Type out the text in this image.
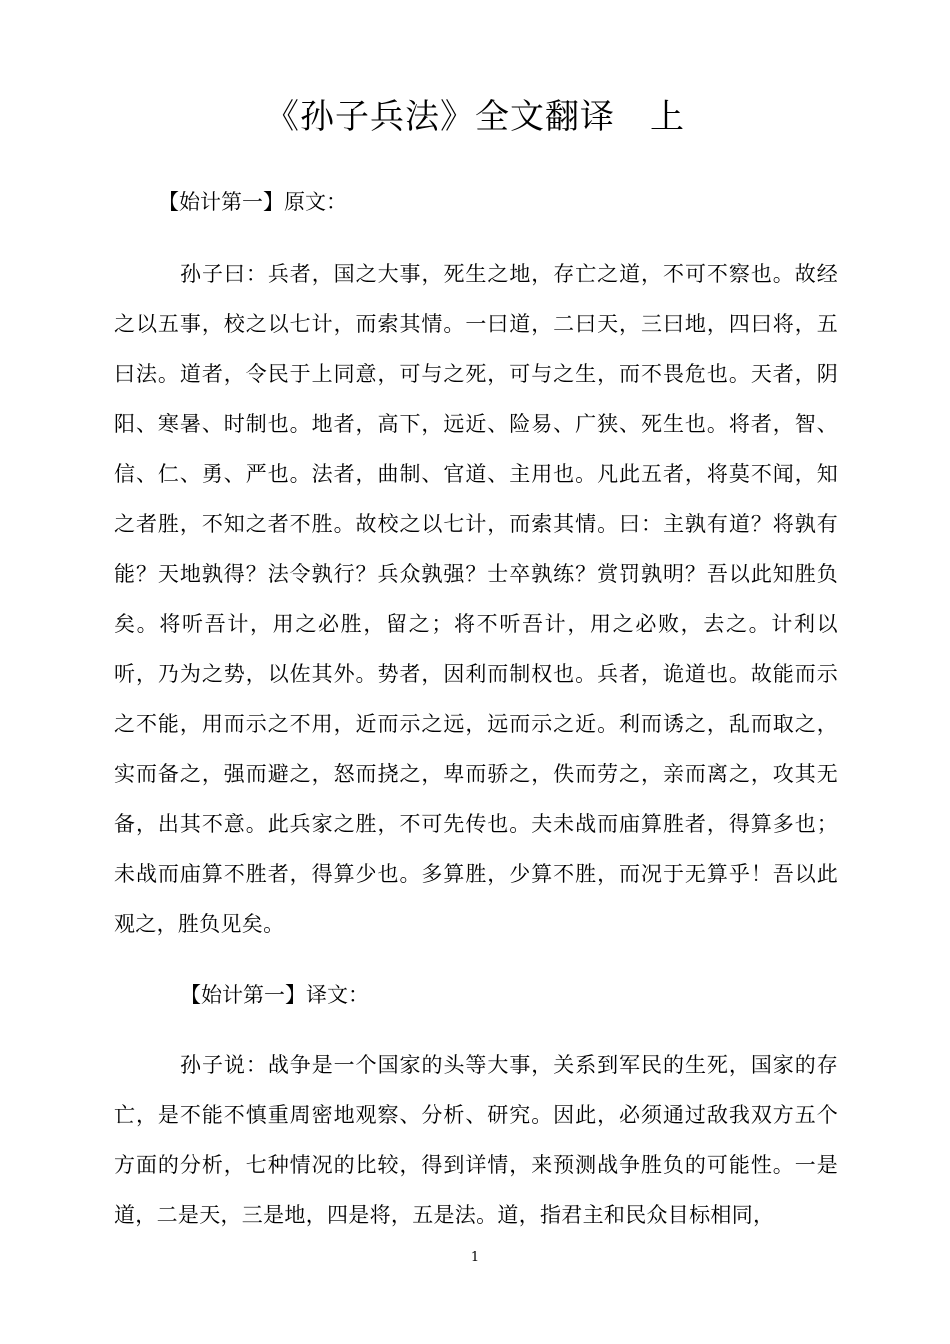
《孙子兵法》全文翻译　上
【始计第一】原文：

孙子曰：兵者，国之大事，死生之地，存亡之道，不可不察也。故经之以五事，校之以七计，而索其情。一曰道，二曰天，三曰地，四曰将，五曰法。道者，令民于上同意，可与之死，可与之生，而不畏危也。天者，阴阳、寒暑、时制也。地者，高下，远近、险易、广狭、死生也。将者，智、信、仁、勇、严也。法者，曲制、官道、主用也。凡此五者，将莫不闻，知之者胜，不知之者不胜。故校之以七计，而索其情。曰：主孰有道？将孰有能？天地孰得？法令孰行？兵众孰强？士卒孰练？赏罚孰明？吾以此知胜负矣。将听吾计，用之必胜，留之；将不听吾计，用之必败，去之。计利以听，乃为之势，以佐其外。势者，因利而制权也。兵者，诡道也。故能而示之不能，用而示之不用，近而示之远，远而示之近。利而诱之，乱而取之，实而备之，强而避之，怒而挠之，卑而骄之，佚而劳之，亲而离之，攻其无备，出其不意。此兵家之胜，不可先传也。夫未战而庙算胜者，得算多也；未战而庙算不胜者，得算少也。多算胜，少算不胜，而况于无算乎！吾以此观之，胜负见矣。

【始计第一】译文：

孙子说：战争是一个国家的头等大事，关系到军民的生死，国家的存亡，是不能不慎重周密地观察、分析、研究。因此，必须通过敌我双方五个方面的分析，七种情况的比较，得到详情，来预测战争胜负的可能性。一是道，二是天，三是地，四是将，五是法。道，指君主和民众目标相同，

1
